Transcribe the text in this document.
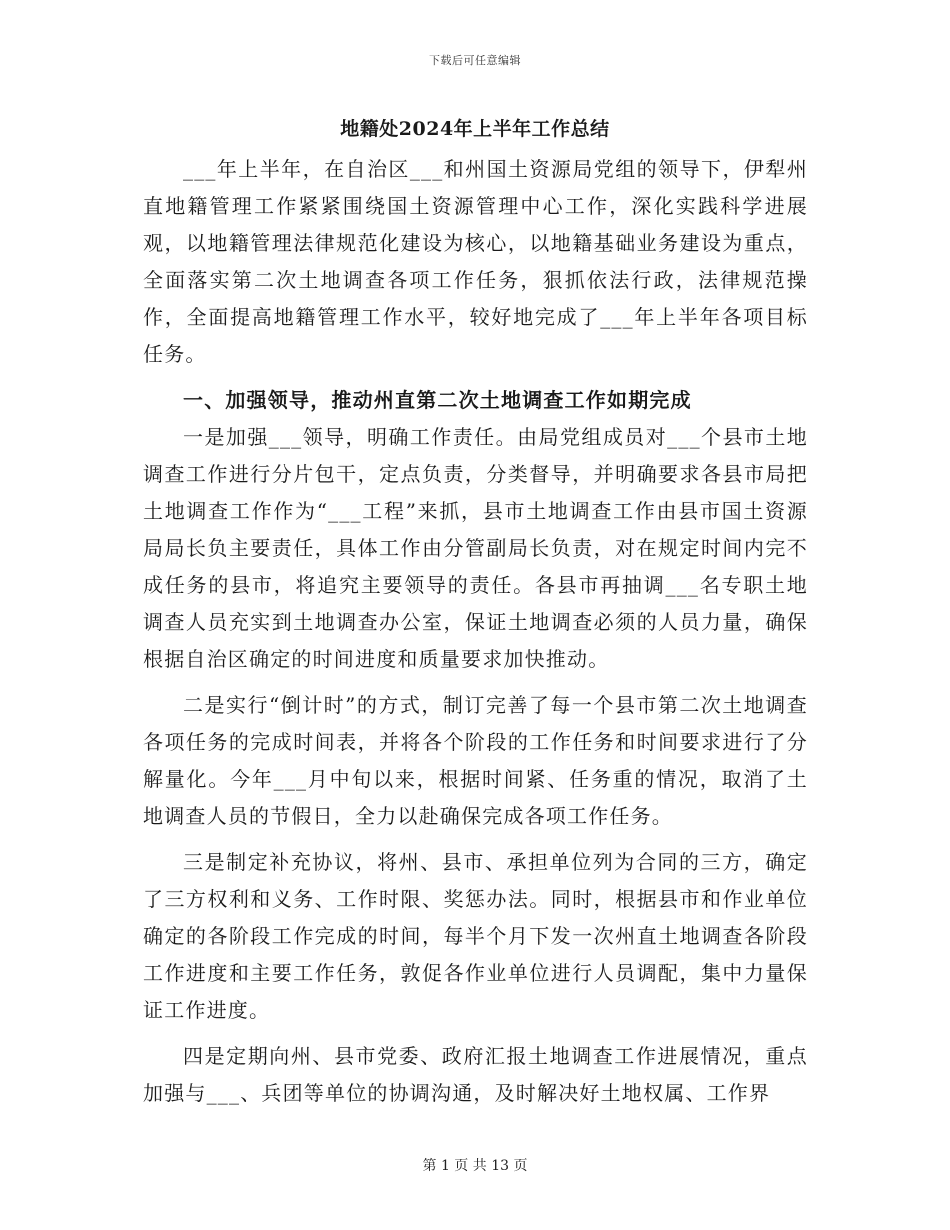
下载后可任意编辑
地籍处2024年上半年工作总结

___年上半年，在自治区___和州国土资源局党组的领导下，伊犁州直地籍管理工作紧紧围绕国土资源管理中心工作，深化实践科学进展观，以地籍管理法律规范化建设为核心，以地籍基础业务建设为重点，全面落实第二次土地调查各项工作任务，狠抓依法行政，法律规范操作，全面提高地籍管理工作水平，较好地完成了___年上半年各项目标任务。

一、加强领导，推动州直第二次土地调查工作如期完成

一是加强___领导，明确工作责任。由局党组成员对___个县市土地调查工作进行分片包干，定点负责，分类督导，并明确要求各县市局把土地调查工作作为“___工程”来抓，县市土地调查工作由县市国土资源局局长负主要责任，具体工作由分管副局长负责，对在规定时间内完不成任务的县市，将追究主要领导的责任。各县市再抽调___名专职土地调查人员充实到土地调查办公室，保证土地调查必须的人员力量，确保根据自治区确定的时间进度和质量要求加快推动。

二是实行“倒计时”的方式，制订完善了每一个县市第二次土地调查各项任务的完成时间表，并将各个阶段的工作任务和时间要求进行了分解量化。今年___月中旬以来，根据时间紧、任务重的情况，取消了土地调查人员的节假日，全力以赴确保完成各项工作任务。

三是制定补充协议，将州、县市、承担单位列为合同的三方，确定了三方权利和义务、工作时限、奖惩办法。同时，根据县市和作业单位确定的各阶段工作完成的时间，每半个月下发一次州直土地调查各阶段工作进度和主要工作任务，敦促各作业单位进行人员调配，集中力量保证工作进度。

四是定期向州、县市党委、政府汇报土地调查工作进展情况，重点加强与___、兵团等单位的协调沟通，及时解决好土地权属、工作界

第 1 页 共 13 页
